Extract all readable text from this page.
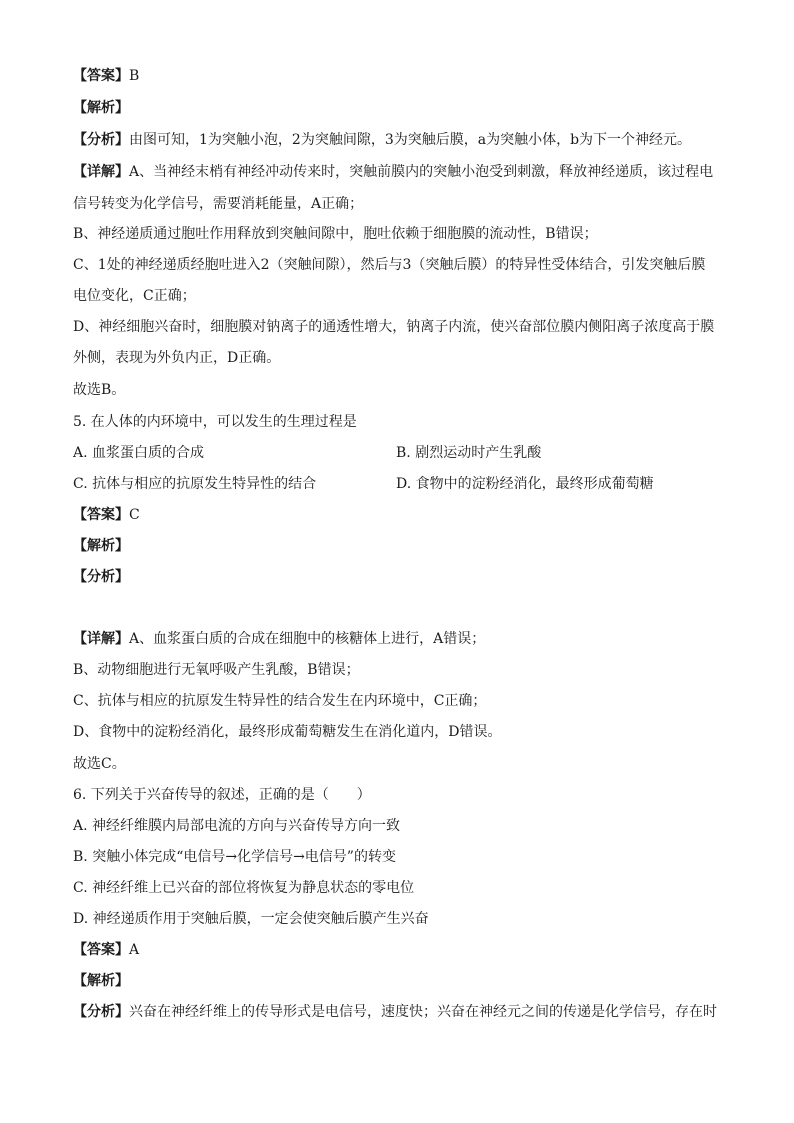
【答案】B
【解析】
【分析】由图可知，1为突触小泡，2为突触间隙，3为突触后膜，a为突触小体，b为下一个神经元。
【详解】A、当神经末梢有神经冲动传来时，突触前膜内的突触小泡受到刺激，释放神经递质，该过程电
信号转变为化学信号，需要消耗能量，A正确；
B、神经递质通过胞吐作用释放到突触间隙中，胞吐依赖于细胞膜的流动性，B错误；
C、1处的神经递质经胞吐进入2（突触间隙），然后与3（突触后膜）的特异性受体结合，引发突触后膜
电位变化，C正确；
D、神经细胞兴奋时，细胞膜对钠离子的通透性增大，钠离子内流，使兴奋部位膜内侧阳离子浓度高于膜
外侧，表现为外负内正，D正确。
故选B。
5. 在人体的内环境中，可以发生的生理过程是
A. 血浆蛋白质的合成	B. 剧烈运动时产生乳酸
C. 抗体与相应的抗原发生特异性的结合	D. 食物中的淀粉经消化，最终形成葡萄糖
【答案】C
【解析】
【分析】
【详解】A、血浆蛋白质的合成在细胞中的核糖体上进行，A错误；
B、动物细胞进行无氧呼吸产生乳酸，B错误；
C、抗体与相应的抗原发生特异性的结合发生在内环境中，C正确；
D、食物中的淀粉经消化，最终形成葡萄糖发生在消化道内，D错误。
故选C。
6. 下列关于兴奋传导的叙述，正确的是（　　）
A. 神经纤维膜内局部电流的方向与兴奋传导方向一致
B. 突触小体完成“电信号→化学信号→电信号”的转变
C. 神经纤维上已兴奋的部位将恢复为静息状态的零电位
D. 神经递质作用于突触后膜，一定会使突触后膜产生兴奋
【答案】A
【解析】
【分析】兴奋在神经纤维上的传导形式是电信号，速度快；兴奋在神经元之间的传递是化学信号，存在时
